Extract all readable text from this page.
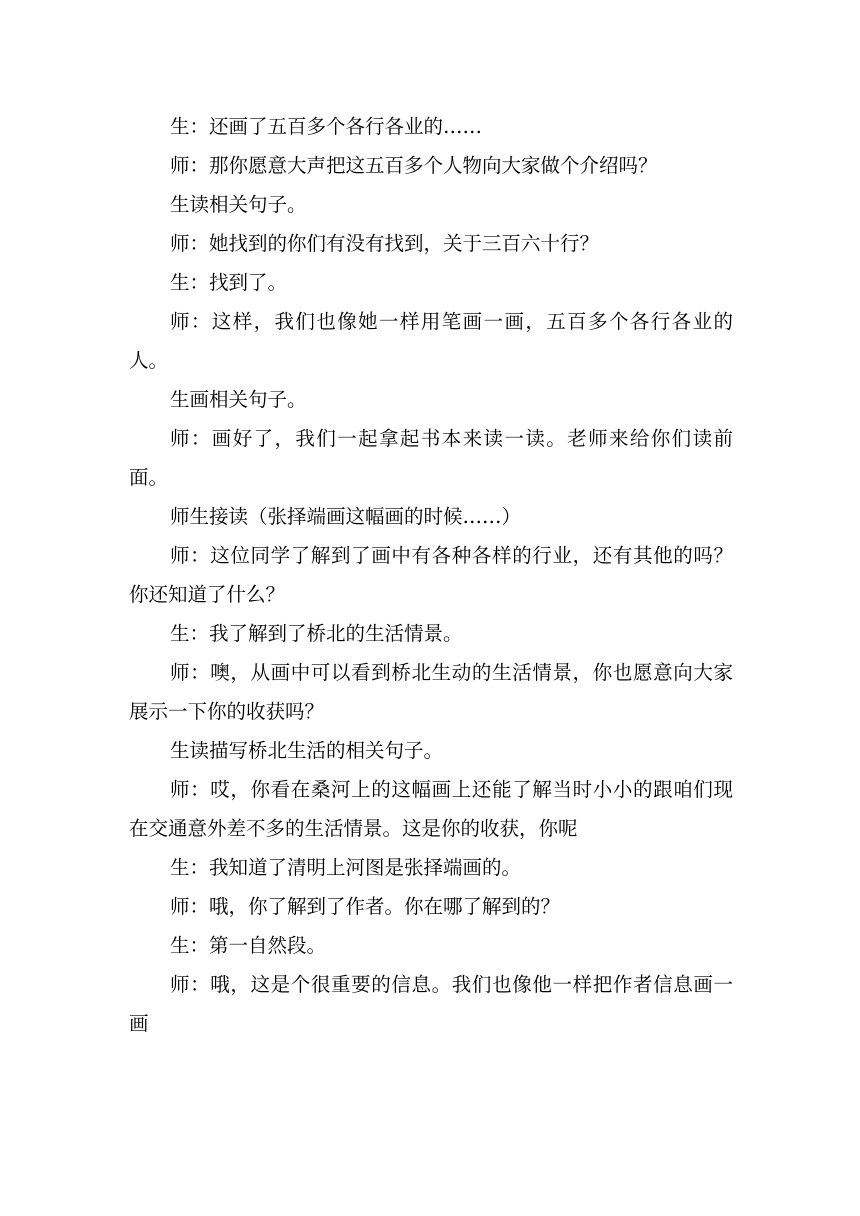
生：还画了五百多个各行各业的……

师：那你愿意大声把这五百多个人物向大家做个介绍吗？

生读相关句子。

师：她找到的你们有没有找到，关于三百六十行？

生：找到了。

师：这样，我们也像她一样用笔画一画，五百多个各行各业的人。

生画相关句子。

师：画好了，我们一起拿起书本来读一读。老师来给你们读前面。

师生接读（张择端画这幅画的时候……）

师：这位同学了解到了画中有各种各样的行业，还有其他的吗？你还知道了什么？

生：我了解到了桥北的生活情景。

师：噢，从画中可以看到桥北生动的生活情景，你也愿意向大家展示一下你的收获吗？

生读描写桥北生活的相关句子。

师：哎，你看在桑河上的这幅画上还能了解当时小小的跟咱们现在交通意外差不多的生活情景。这是你的收获，你呢

生：我知道了清明上河图是张择端画的。

师：哦，你了解到了作者。你在哪了解到的？

生：第一自然段。

师：哦，这是个很重要的信息。我们也像他一样把作者信息画一画
